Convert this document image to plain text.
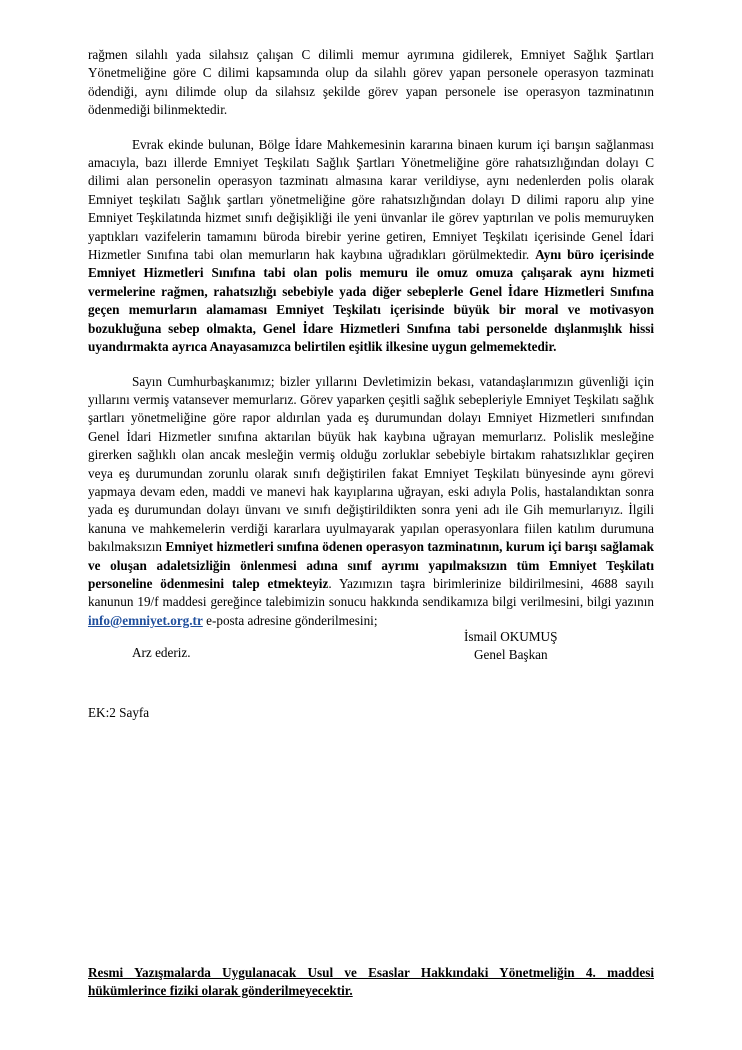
rağmen silahlı yada silahsız çalışan C dilimli memur ayrımına gidilerek, Emniyet Sağlık Şartları Yönetmeliğine göre C dilimi kapsamında olup da silahlı görev yapan personele operasyon tazminatı ödendiği, aynı dilimde olup da silahsız şekilde görev yapan personele ise operasyon tazminatının ödenmediği bilinmektedir.

Evrak ekinde bulunan, Bölge İdare Mahkemesinin kararına binaen kurum içi barışın sağlanması amacıyla, bazı illerde Emniyet Teşkilatı Sağlık Şartları Yönetmeliğine göre rahatsızlığından dolayı C dilimi alan personelin operasyon tazminatı almasına karar verildiyse, aynı nedenlerden polis olarak Emniyet teşkilatı Sağlık şartları yönetmeliğine göre rahatsızlığından dolayı D dilimi raporu alıp yine Emniyet Teşkilatında hizmet sınıfı değişikliği ile yeni ünvanlar ile görev yaptırılan ve polis memuruyken yaptıkları vazifelerin tamamını büroda birebir yerine getiren, Emniyet Teşkilatı içerisinde Genel İdari Hizmetler Sınıfına tabi olan memurların hak kaybına uğradıkları görülmektedir. Aynı büro içerisinde Emniyet Hizmetleri Sınıfına tabi olan polis memuru ile omuz omuza çalışarak aynı hizmeti vermelerine rağmen, rahatsızlığı sebebiyle yada diğer sebeplerle Genel İdare Hizmetleri Sınıfına geçen memurların alamaması Emniyet Teşkilatı içerisinde büyük bir moral ve motivasyon bozukluğuna sebep olmakta, Genel İdare Hizmetleri Sınıfına tabi personelde dışlanmışlık hissi uyandırmakta ayrıca Anayasamızca belirtilen eşitlik ilkesine uygun gelmemektedir.

Sayın Cumhurbaşkanımız; bizler yıllarını Devletimizin bekası, vatandaşlarımızın güvenliği için yıllarını vermiş vatansever memurlarız. Görev yaparken çeşitli sağlık sebepleriyle Emniyet Teşkilatı sağlık şartları yönetmeliğine göre rapor aldırılan yada eş durumundan dolayı Emniyet Hizmetleri sınıfından Genel İdari Hizmetler sınıfına aktarılan büyük hak kaybına uğrayan memurlarız. Polislik mesleğine girerken sağlıklı olan ancak mesleğin vermiş olduğu zorluklar sebebiyle birtakım rahatsızlıklar geçiren veya eş durumundan zorunlu olarak sınıfı değiştirilen fakat Emniyet Teşkilatı bünyesinde aynı görevi yapmaya devam eden, maddi ve manevi hak kayıplarına uğrayan, eski adıyla Polis, hastalandıktan sonra yada eş durumundan dolayı ünvanı ve sınıfı değiştirildikten sonra yeni adı ile Gih memurlarıyız. İlgili kanuna ve mahkemelerin verdiği kararlara uyulmayarak yapılan operasyonlara fiilen katılım durumuna bakılmaksızın Emniyet hizmetleri sınıfına ödenen operasyon tazminatının, kurum içi barışı sağlamak ve oluşan adaletsizliğin önlenmesi adına sınıf ayrımı yapılmaksızın tüm Emniyet Teşkilatı personeline ödenmesini talep etmekteyiz. Yazımızın taşra birimlerinize bildirilmesini, 4688 sayılı kanunun 19/f maddesi gereğince talebimizin sonucu hakkında sendikamıza bilgi verilmesini, bilgi yazının info@emniyet.org.tr e-posta adresine gönderilmesini;

Arz ederiz.

İsmail OKUMUŞ
Genel Başkan
EK:2 Sayfa
Resmi Yazışmalarda Uygulanacak Usul ve Esaslar Hakkındaki Yönetmeliğin 4. maddesi hükümlerince fiziki olarak gönderilmeyecektir.
